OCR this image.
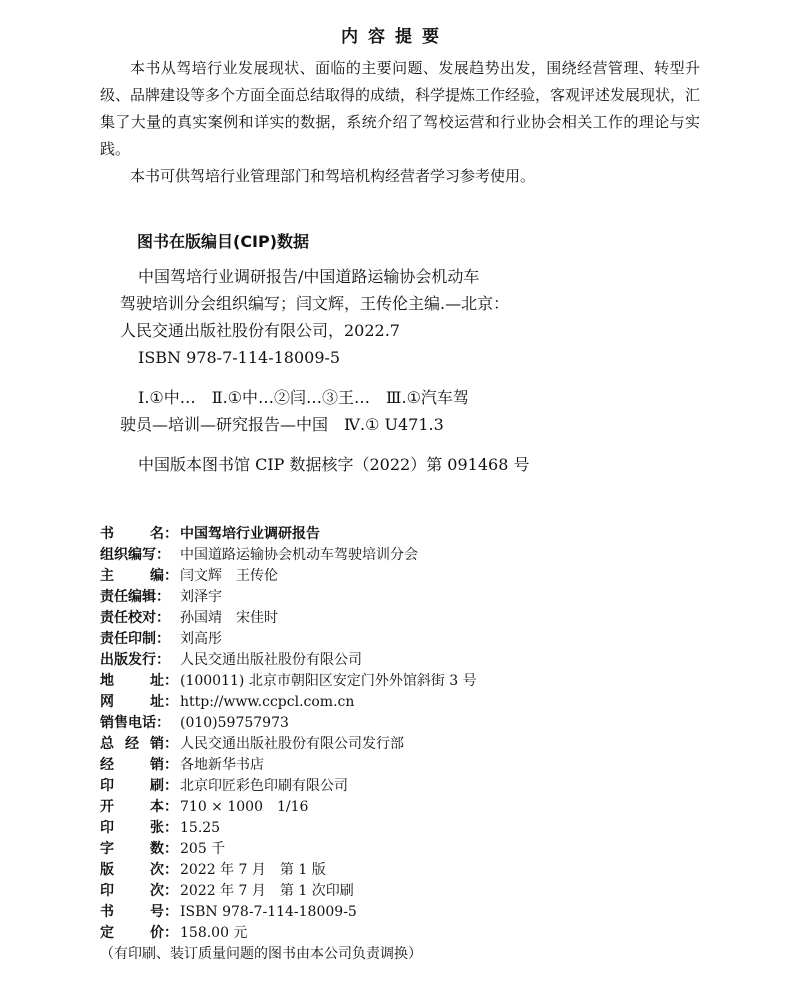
内容提要

本书从驾培行业发展现状、面临的主要问题、发展趋势出发，围绕经营管理、转型升级、品牌建设等多个方面全面总结取得的成绩，科学提炼工作经验，客观评述发展现状，汇集了大量的真实案例和详实的数据，系统介绍了驾校运营和行业协会相关工作的理论与实践。

本书可供驾培行业管理部门和驾培机构经营者学习参考使用。

图书在版编目(CIP)数据
中国驾培行业调研报告/中国道路运输协会机动车
驾驶培训分会组织编写；闫文辉，王传伦主编.—北京：
人民交通出版社股份有限公司，2022.7
ISBN 978-7-114-18009-5
Ⅰ.①中…　Ⅱ.①中…②闫…③王…　Ⅲ.①汽车驾
驶员—培训—研究报告—中国　Ⅳ.① U471.3
中国版本图书馆 CIP 数据核字（2022）第 091468 号
书	名： 中国驾培行业调研报告
组织编写： 中国道路运输协会机动车驾驶培训分会
主	编： 闫文辉　王传伦
责任编辑： 刘泽宇
责任校对： 孙国靖　宋佳时
责任印制： 刘高彤
出版发行： 人民交通出版社股份有限公司
地	址： (100011) 北京市朝阳区安定门外外馆斜街 3 号
网	址： http://www.ccpcl.com.cn
销售电话： (010)59757973
总 经 销： 人民交通出版社股份有限公司发行部
经	销： 各地新华书店
印	刷： 北京印匠彩色印刷有限公司
开	本： 710 × 1000　1/16
印	张： 15.25
字	数： 205 千
版	次： 2022 年 7 月　第 1 版
印	次： 2022 年 7 月　第 1 次印刷
书	号： ISBN 978-7-114-18009-5
定	价： 158.00 元
（有印刷、装订质量问题的图书由本公司负责调换）
